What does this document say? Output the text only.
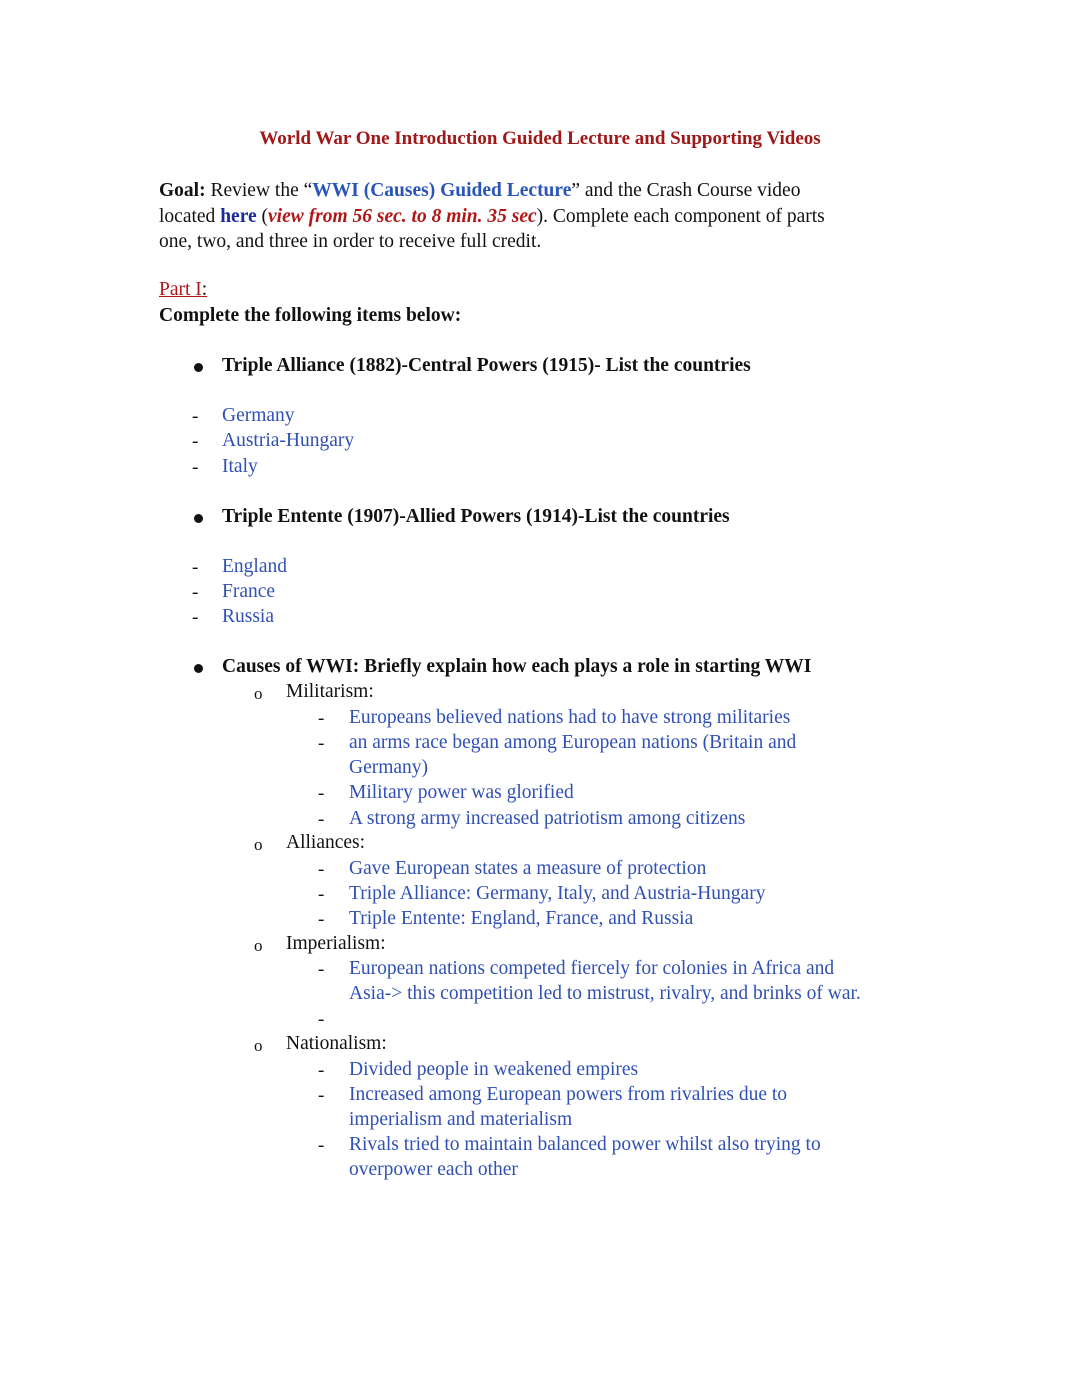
World War One Introduction Guided Lecture and Supporting Videos
Goal: Review the “WWI (Causes) Guided Lecture” and the Crash Course video
located here (view from 56 sec. to 8 min. 35 sec). Complete each component of parts
one, two, and three in order to receive full credit.
Part I:
Complete the following items below:
Triple Alliance (1882)-Central Powers (1915)- List the countries
- Germany
- Austria-Hungary
- Italy
Triple Entente (1907)-Allied Powers (1914)-List the countries
- England
- France
- Russia
Causes of WWI: Briefly explain how each plays a role in starting WWI
o Militarism:
- Europeans believed nations had to have strong militaries
- an arms race began among European nations (Britain and
Germany)
- Military power was glorified
- A strong army increased patriotism among citizens
o Alliances:
- Gave European states a measure of protection
- Triple Alliance: Germany, Italy, and Austria-Hungary
- Triple Entente: England, France, and Russia
o Imperialism:
- European nations competed fiercely for colonies in Africa and
Asia-> this competition led to mistrust, rivalry, and brinks of war.
-
o Nationalism:
- Divided people in weakened empires
- Increased among European powers from rivalries due to
imperialism and materialism
- Rivals tried to maintain balanced power whilst also trying to
overpower each other
